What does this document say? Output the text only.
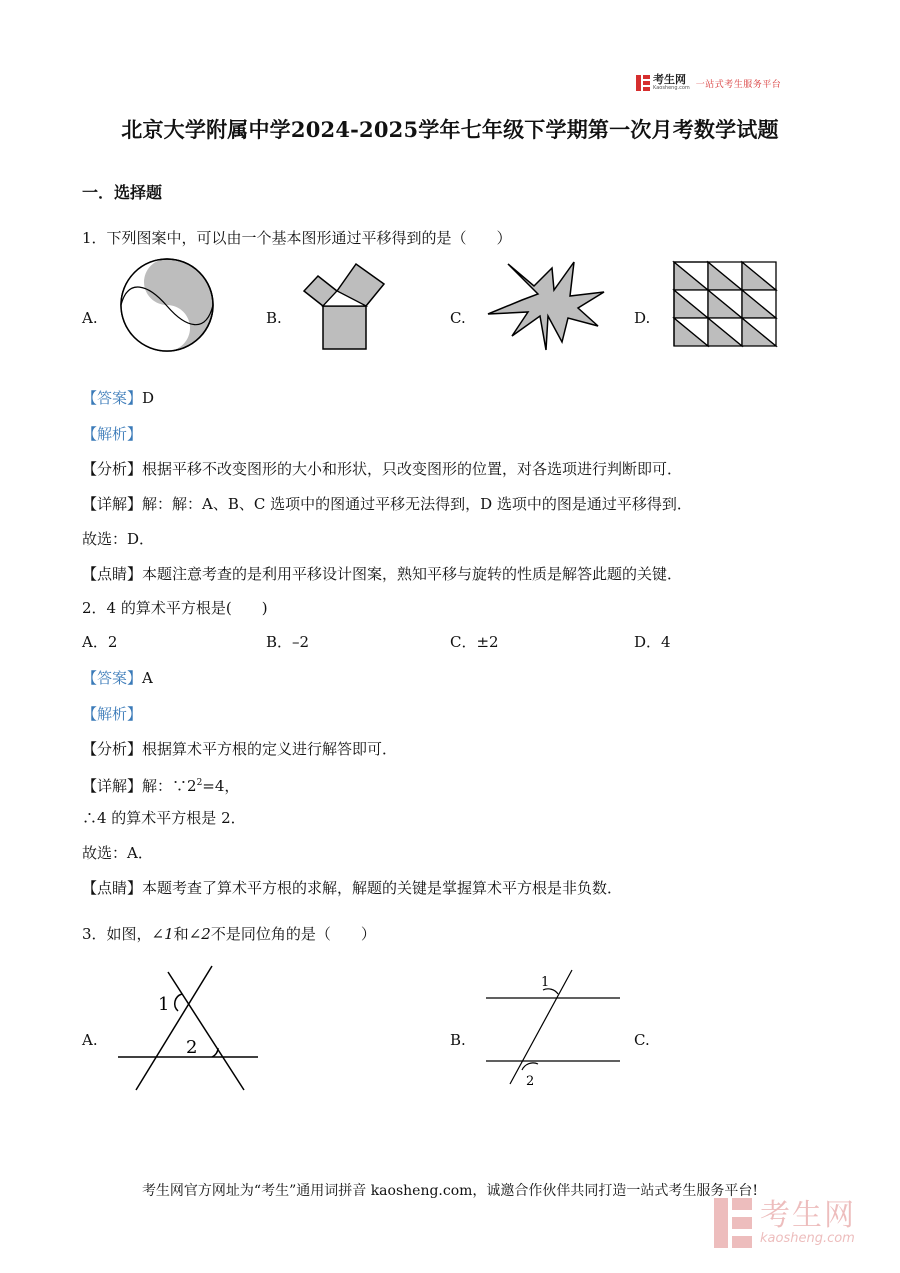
考生网
Kaosheng.com 一站式考生服务平台
北京大学附属中学2024-2025学年七年级下学期第一次月考数学试题
一．选择题
1．下列图案中，可以由一个基本图形通过平移得到的是（　　）
A.	B.	C.	D.
【答案】D
【解析】
【分析】根据平移不改变图形的大小和形状，只改变图形的位置，对各选项进行判断即可．
【详解】解：解：A、B、C 选项中的图通过平移无法得到，D 选项中的图是通过平移得到．
故选：D．
【点睛】本题注意考查的是利用平移设计图案，熟知平移与旋转的性质是解答此题的关键．
2．4 的算术平方根是(　　)
A．2	B．–2	C．±2	D．4
【答案】A
【解析】
【分析】根据算术平方根的定义进行解答即可．
【详解】解：$\because 2^2=4$，
∴4 的算术平方根是 2．
故选：A．
【点睛】本题考查了算术平方根的求解，解题的关键是掌握算术平方根是非负数．
3．如图，∠1和∠2不是同位角的是（　　）
A.
1
2	B.
1
2
C.
考生网官方网址为“考生”通用词拼音 kaosheng.com，诚邀合作伙伴共同打造一站式考生服务平台!
考生网
kaosheng.com
